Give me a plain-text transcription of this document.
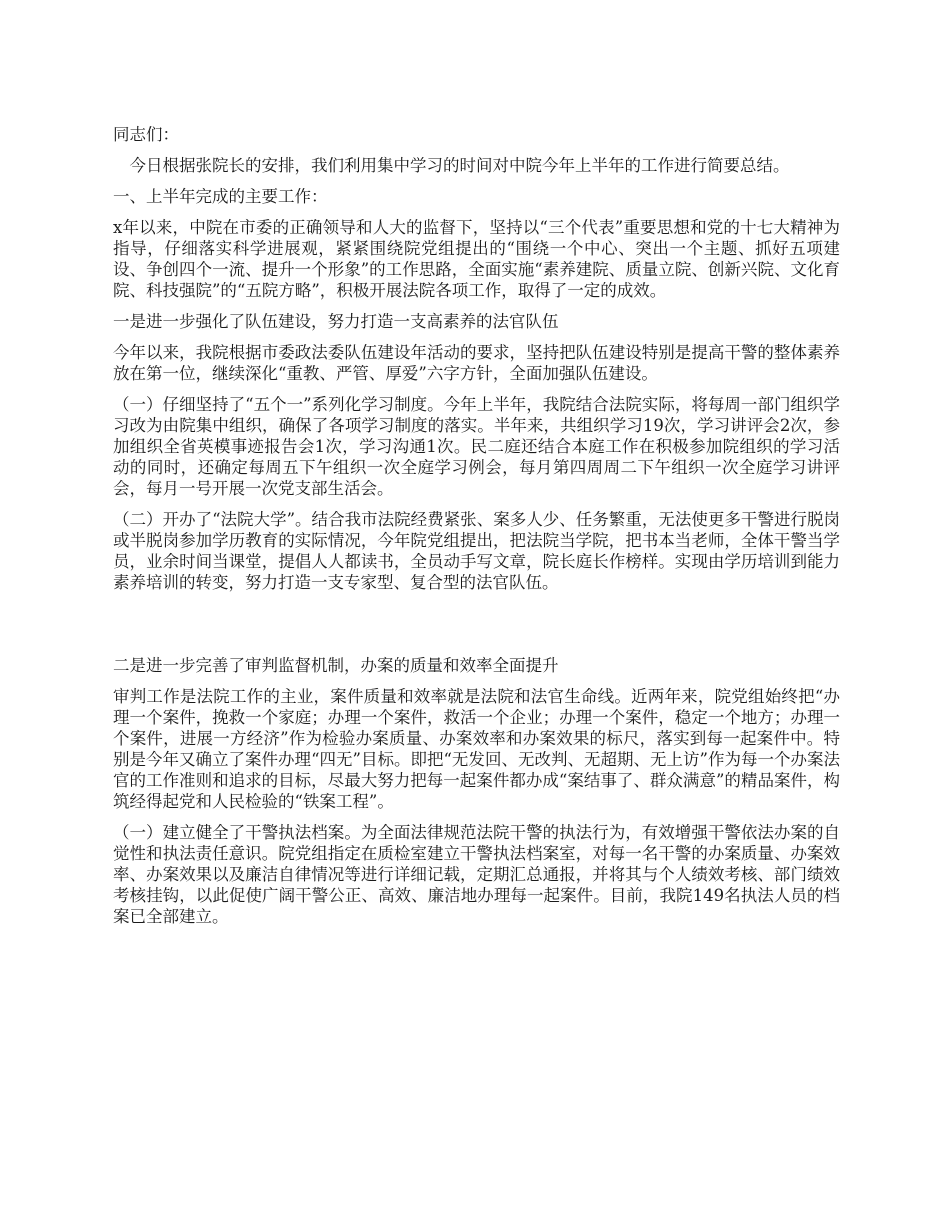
同志们：

今日根据张院长的安排，我们利用集中学习的时间对中院今年上半年的工作进行简要总结。

一、上半年完成的主要工作：

x年以来，中院在市委的正确领导和人大的监督下，坚持以“三个代表”重要思想和党的十七大精神为指导，仔细落实科学进展观，紧紧围绕院党组提出的“围绕一个中心、突出一个主题、抓好五项建设、争创四个一流、提升一个形象”的工作思路，全面实施“素养建院、质量立院、创新兴院、文化育院、科技强院”的“五院方略”，积极开展法院各项工作，取得了一定的成效。

一是进一步强化了队伍建设，努力打造一支高素养的法官队伍

今年以来，我院根据市委政法委队伍建设年活动的要求，坚持把队伍建设特别是提高干警的整体素养放在第一位，继续深化“重教、严管、厚爱”六字方针，全面加强队伍建设。

（一）仔细坚持了“五个一”系列化学习制度。今年上半年，我院结合法院实际，将每周一部门组织学习改为由院集中组织，确保了各项学习制度的落实。半年来，共组织学习19次，学习讲评会2次，参加组织全省英模事迹报告会1次，学习沟通1次。民二庭还结合本庭工作在积极参加院组织的学习活动的同时，还确定每周五下午组织一次全庭学习例会，每月第四周周二下午组织一次全庭学习讲评会，每月一号开展一次党支部生活会。

（二）开办了“法院大学”。结合我市法院经费紧张、案多人少、任务繁重，无法使更多干警进行脱岗或半脱岗参加学历教育的实际情况，今年院党组提出，把法院当学院，把书本当老师，全体干警当学员，业余时间当课堂，提倡人人都读书，全员动手写文章，院长庭长作榜样。实现由学历培训到能力素养培训的转变，努力打造一支专家型、复合型的法官队伍。

二是进一步完善了审判监督机制，办案的质量和效率全面提升

审判工作是法院工作的主业，案件质量和效率就是法院和法官生命线。近两年来，院党组始终把“办理一个案件，挽救一个家庭；办理一个案件，救活一个企业；办理一个案件，稳定一个地方；办理一个案件，进展一方经济”作为检验办案质量、办案效率和办案效果的标尺，落实到每一起案件中。特别是今年又确立了案件办理“四无”目标。即把“无发回、无改判、无超期、无上访”作为每一个办案法官的工作准则和追求的目标，尽最大努力把每一起案件都办成“案结事了、群众满意”的精品案件，构筑经得起党和人民检验的“铁案工程”。

（一）建立健全了干警执法档案。为全面法律规范法院干警的执法行为，有效增强干警依法办案的自觉性和执法责任意识。院党组指定在质检室建立干警执法档案室，对每一名干警的办案质量、办案效率、办案效果以及廉洁自律情况等进行详细记载，定期汇总通报，并将其与个人绩效考核、部门绩效考核挂钩，以此促使广阔干警公正、高效、廉洁地办理每一起案件。目前，我院149名执法人员的档案已全部建立。
